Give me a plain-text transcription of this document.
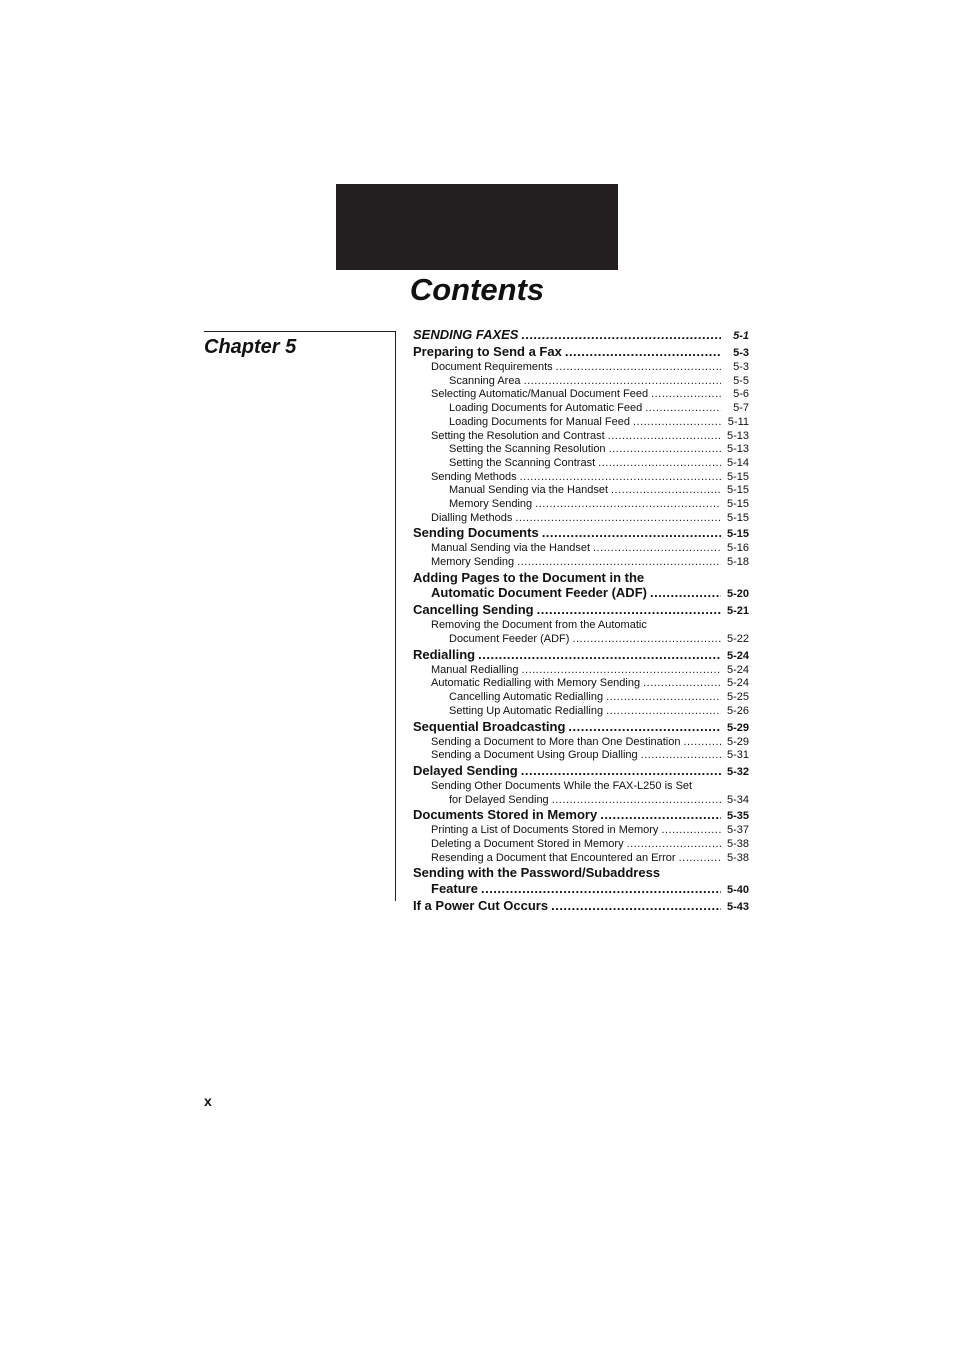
Contents
Chapter 5
SENDING FAXES .....	5-1
Preparing to Send a Fax .....	5-3
Document Requirements .....	5-3
Scanning Area .....	5-5
Selecting Automatic/Manual Document Feed .....	5-6
Loading Documents for Automatic Feed .....	5-7
Loading Documents for Manual Feed .....	5-11
Setting the Resolution and Contrast .....	5-13
Setting the Scanning Resolution .....	5-13
Setting the Scanning Contrast .....	5-14
Sending Methods .....	5-15
Manual Sending via the Handset .....	5-15
Memory Sending .....	5-15
Dialling Methods .....	5-15
Sending Documents .....	5-15
Manual Sending via the Handset .....	5-16
Memory Sending .....	5-18
Adding Pages to the Document in the
Automatic Document Feeder (ADF) .....	5-20
Cancelling Sending .....	5-21
Removing the Document from the Automatic
Document Feeder (ADF) .....	5-22
Redialling .....	5-24
Manual Redialling .....	5-24
Automatic Redialling with Memory Sending .....	5-24
Cancelling Automatic Redialling .....	5-25
Setting Up Automatic Redialling .....	5-26
Sequential Broadcasting .....	5-29
Sending a Document to More than One Destination .....	5-29
Sending a Document Using Group Dialling .....	5-31
Delayed Sending .....	5-32
Sending Other Documents While the FAX-L250 is Set
for Delayed Sending .....	5-34
Documents Stored in Memory .....	5-35
Printing a List of Documents Stored in Memory .....	5-37
Deleting a Document Stored in Memory .....	5-38
Resending a Document that Encountered an Error .....	5-38
Sending with the Password/Subaddress
Feature .....	5-40
If a Power Cut Occurs .....	5-43
x
